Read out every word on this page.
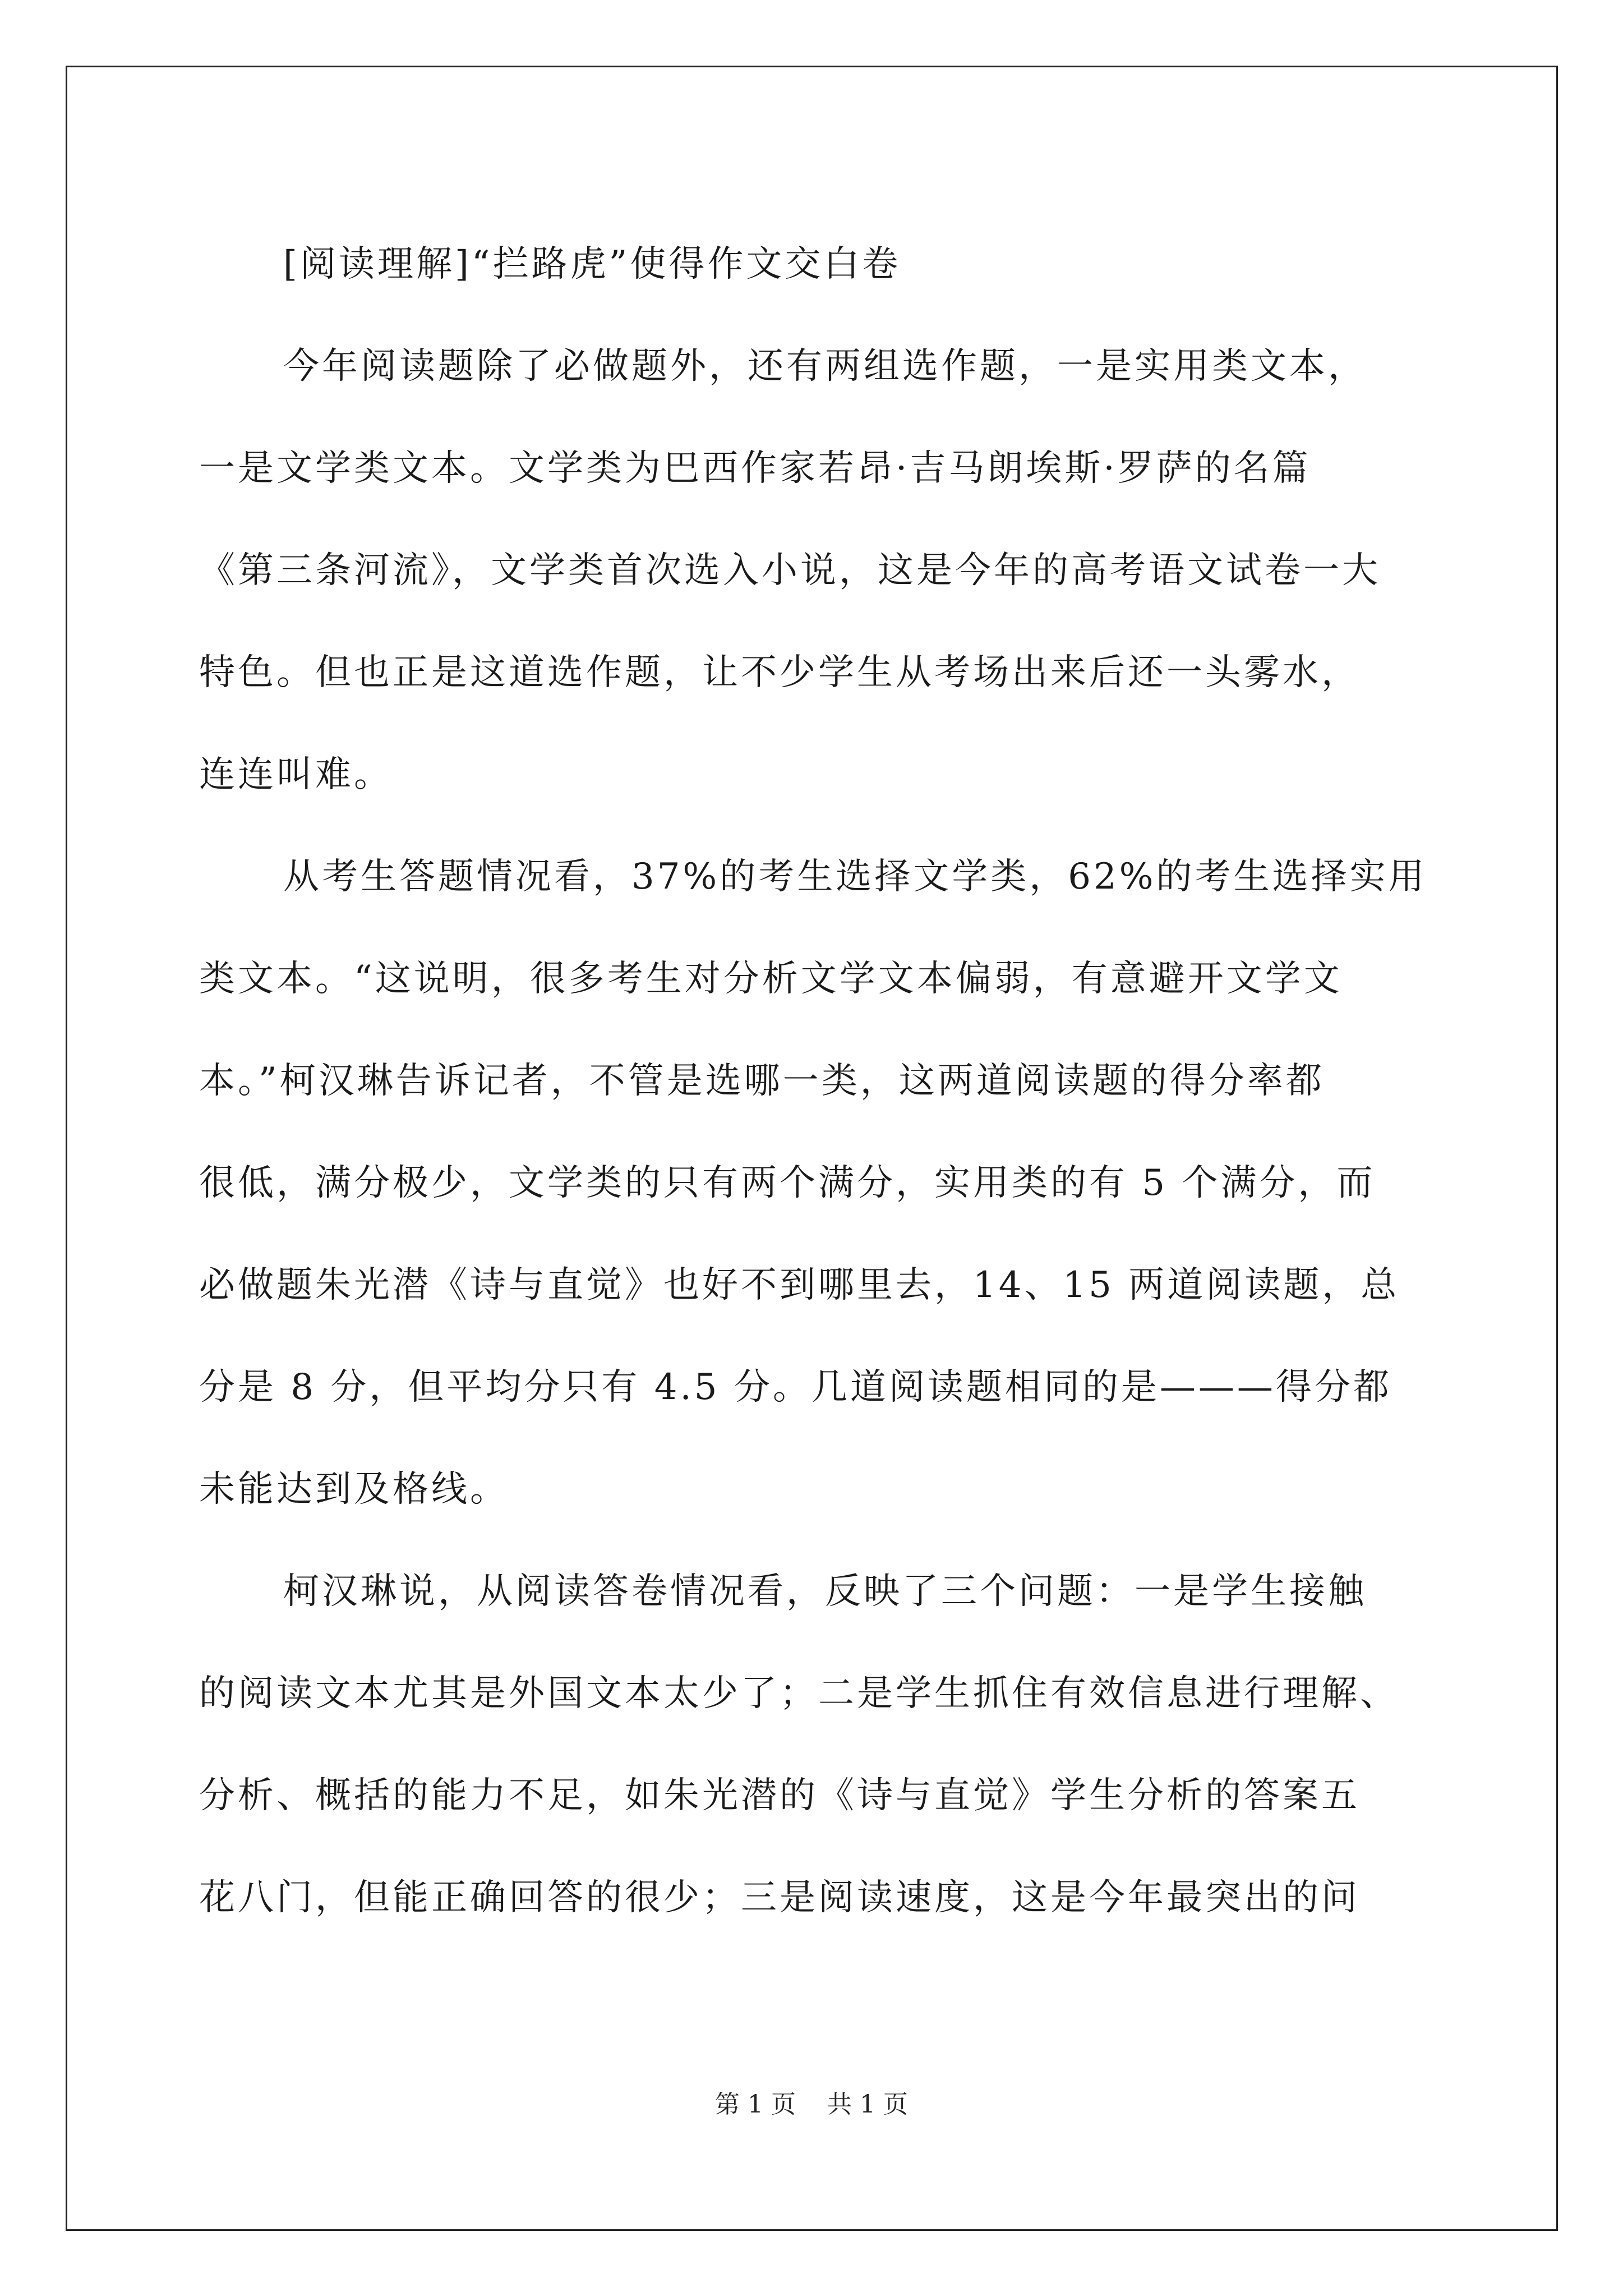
[阅读理解]“拦路虎”使得作文交白卷
今年阅读题除了必做题外，还有两组选作题，一是实用类文本，
一是文学类文本。文学类为巴西作家若昂·吉马朗埃斯·罗萨的名篇
《第三条河流》，文学类首次选入小说，这是今年的高考语文试卷一大
特色。但也正是这道选作题，让不少学生从考场出来后还一头雾水，
连连叫难。
从考生答题情况看，37%的考生选择文学类，62%的考生选择实用
类文本。“这说明，很多考生对分析文学文本偏弱，有意避开文学文
本。”柯汉琳告诉记者，不管是选哪一类，这两道阅读题的得分率都
很低，满分极少，文学类的只有两个满分，实用类的有 5 个满分，而
必做题朱光潜《诗与直觉》也好不到哪里去，14、15 两道阅读题，总
分是 8 分，但平均分只有 4.5 分。几道阅读题相同的是———得分都
未能达到及格线。
柯汉琳说，从阅读答卷情况看，反映了三个问题：一是学生接触
的阅读文本尤其是外国文本太少了；二是学生抓住有效信息进行理解、
分析、概括的能力不足，如朱光潜的《诗与直觉》学生分析的答案五
花八门，但能正确回答的很少；三是阅读速度，这是今年最突出的问
第 1 页    共 1 页
